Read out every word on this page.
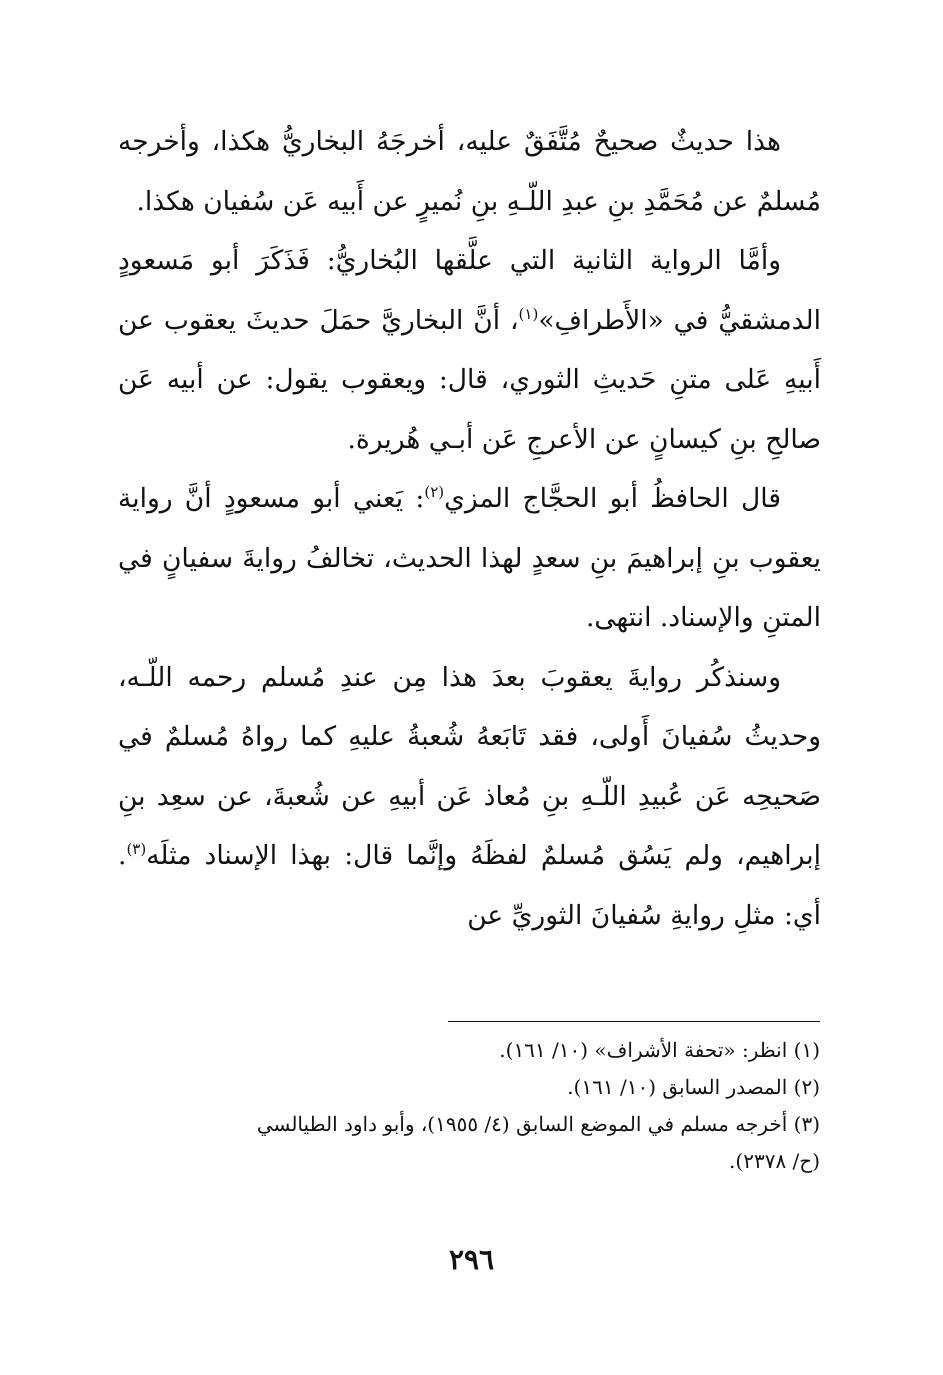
هذا حديثٌ صحيحٌ مُتَّفَقٌ عليه، أخرجَهُ البخاريُّ هكذا، وأخرجه مُسلمٌ عن مُحَمَّدِ بنِ عبدِ اللّـهِ بنِ نُميرٍ عن أَبيه عَن سُفيان هكذا.

وأمَّا الرواية الثانية التي علَّقها البُخاريُّ: فَذَكَرَ أبو مَسعودٍ الدمشقيُّ في «الأَطرافِ»$^{(١)}$، أنَّ البخاريَّ حمَلَ حديثَ يعقوب عن أَبيهِ عَلى متنِ حَديثِ الثوري، قال: ويعقوب يقول: عن أبيه عَن صالحِ بنِ كيسانٍ عن الأعرجِ عَن أبـي هُريرة.

قال الحافظُ أبو الحجَّاج المزي$^{(٢)}$: يَعني أبو مسعودٍ أنَّ رواية يعقوب بنِ إبراهيمَ بنِ سعدٍ لهذا الحديث، تخالفُ روايةَ سفيانٍ في المتنِ والإسناد. انتهى.

وسنذكُر روايةَ يعقوبَ بعدَ هذا مِن عندِ مُسلم رحمه اللّـه، وحديثُ سُفيانَ أَولى، فقد تَابَعهُ شُعبةُ عليهِ كما رواهُ مُسلمٌ في صَحيحِه عَن عُبيدِ اللّـهِ بنِ مُعاذ عَن أبيهِ عن شُعبةَ، عن سعِد بنِ إبراهيم، ولم يَسُق مُسلمٌ لفظَهُ وإنَّما قال: بهذا الإسناد مثلَه$^{(٣)}$. أي: مثلِ روايةِ سُفيانَ الثوريِّ عن

(١) انظر: «تحفة الأشراف» (١٠/ ١٦١).

(٢) المصدر السابق (١٠/ ١٦١).

(٣) أخرجه مسلم في الموضع السابق (٤/ ١٩٥٥)، وأبو داود الطيالسي

(ح/ ٢٣٧٨).

٢٩٦
